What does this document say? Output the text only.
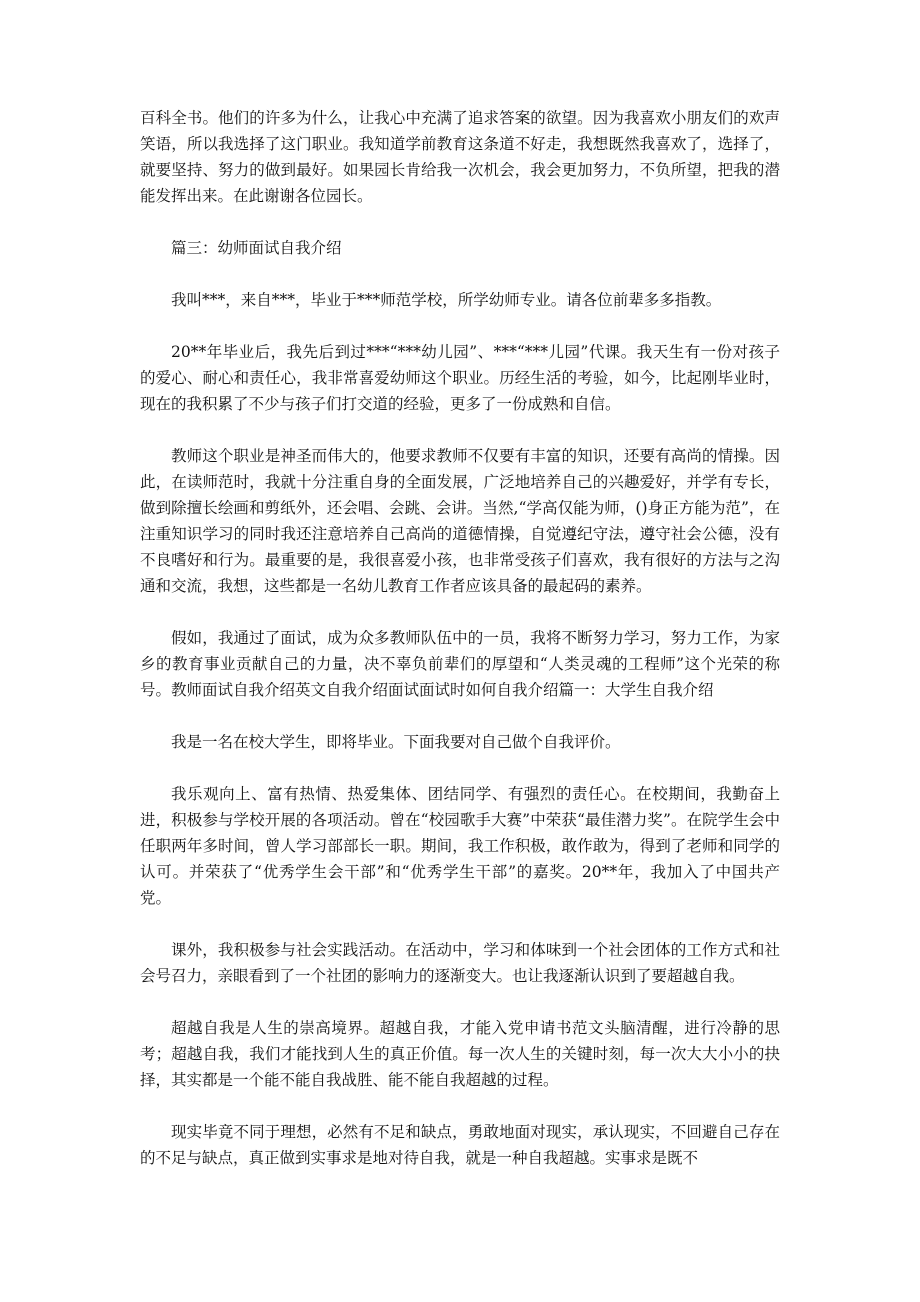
百科全书。他们的许多为什么，让我心中充满了追求答案的欲望。因为我喜欢小朋友们的欢声笑语，所以我选择了这门职业。我知道学前教育这条道不好走，我想既然我喜欢了，选择了，就要坚持、努力的做到最好。如果园长肯给我一次机会，我会更加努力，不负所望，把我的潜能发挥出来。在此谢谢各位园长。

篇三：幼师面试自我介绍

我叫***，来自***，毕业于***师范学校，所学幼师专业。请各位前辈多多指教。

20**年毕业后，我先后到过***“***幼儿园”、***“***儿园”代课。我天生有一份对孩子的爱心、耐心和责任心，我非常喜爱幼师这个职业。历经生活的考验，如今，比起刚毕业时，现在的我积累了不少与孩子们打交道的经验，更多了一份成熟和自信。

教师这个职业是神圣而伟大的，他要求教师不仅要有丰富的知识，还要有高尚的情操。因此，在读师范时，我就十分注重自身的全面发展，广泛地培养自己的兴趣爱好，并学有专长，做到除擅长绘画和剪纸外，还会唱、会跳、会讲。当然,“学高仅能为师，()身正方能为范”，在注重知识学习的同时我还注意培养自己高尚的道德情操，自觉遵纪守法，遵守社会公德，没有不良嗜好和行为。最重要的是，我很喜爱小孩，也非常受孩子们喜欢，我有很好的方法与之沟通和交流，我想，这些都是一名幼儿教育工作者应该具备的最起码的素养。

假如，我通过了面试，成为众多教师队伍中的一员，我将不断努力学习，努力工作，为家乡的教育事业贡献自己的力量，决不辜负前辈们的厚望和“人类灵魂的工程师”这个光荣的称号。教师面试自我介绍英文自我介绍面试面试时如何自我介绍篇一：大学生自我介绍

我是一名在校大学生，即将毕业。下面我要对自己做个自我评价。

我乐观向上、富有热情、热爱集体、团结同学、有强烈的责任心。在校期间，我勤奋上进，积极参与学校开展的各项活动。曾在“校园歌手大赛”中荣获“最佳潜力奖”。在院学生会中任职两年多时间，曾人学习部部长一职。期间，我工作积极，敢作敢为，得到了老师和同学的认可。并荣获了“优秀学生会干部”和“优秀学生干部”的嘉奖。20**年，我加入了中国共产党。

课外，我积极参与社会实践活动。在活动中，学习和体味到一个社会团体的工作方式和社会号召力，亲眼看到了一个社团的影响力的逐渐变大。也让我逐渐认识到了要超越自我。

超越自我是人生的崇高境界。超越自我，才能入党申请书范文头脑清醒，进行冷静的思考；超越自我，我们才能找到人生的真正价值。每一次人生的关键时刻，每一次大大小小的抉择，其实都是一个能不能自我战胜、能不能自我超越的过程。

现实毕竟不同于理想，必然有不足和缺点，勇敢地面对现实，承认现实，不回避自己存在的不足与缺点，真正做到实事求是地对待自我，就是一种自我超越。实事求是既不
